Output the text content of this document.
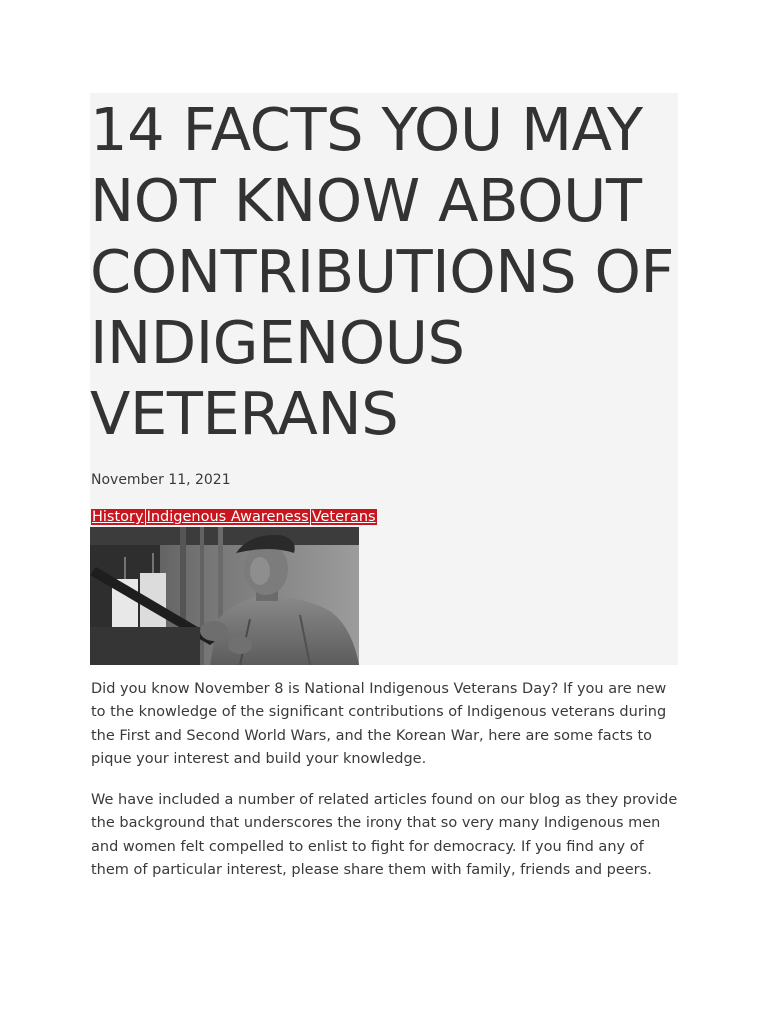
14 FACTS YOU MAY NOT KNOW ABOUT CONTRIBUTIONS OF INDIGENOUS VETERANS
November 11, 2021
History Indigenous Awareness Veterans

Did you know November 8 is National Indigenous Veterans Day? If you are new to the knowledge of the significant contributions of Indigenous veterans during the First and Second World Wars, and the Korean War, here are some facts to pique your interest and build your knowledge.

We have included a number of related articles found on our blog as they provide the background that underscores the irony that so very many Indigenous men and women felt compelled to enlist to fight for democracy. If you find any of them of particular interest, please share them with family, friends and peers.
